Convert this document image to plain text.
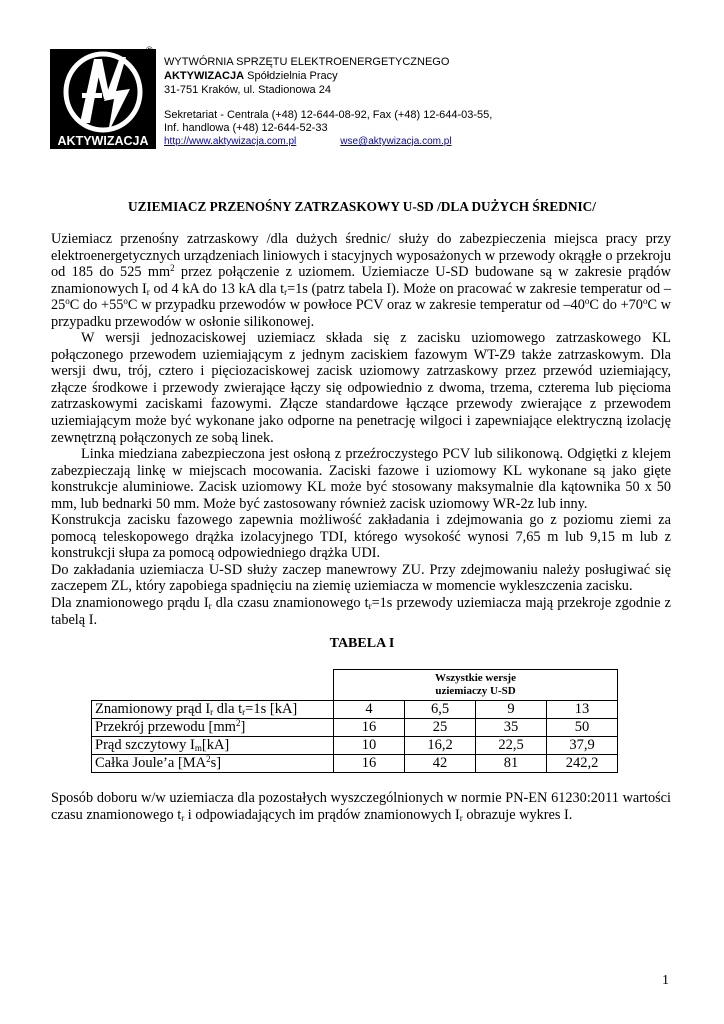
AKTYWIZACJA
®
WYTWÓRNIA SPRZĘTU ELEKTROENERGETYCZNEGO
AKTYWIZACJA Spółdzielnia Pracy
31-751 Kraków, ul. Stadionowa 24
Sekretariat - Centrala (+48) 12-644-08-92, Fax (+48) 12-644-03-55,
Inf. handlowa (+48) 12-644-52-33
http://www.aktywizacja.com.pl	wse@aktywizacja.com.pl
UZIEMIACZ PRZENOŚNY ZATRZASKOWY U-SD /DLA DUŻYCH ŚREDNIC/

Uziemiacz przenośny zatrzaskowy /dla dużych średnic/ służy do zabezpieczenia miejsca pracy przy elektroenergetycznych urządzeniach liniowych i stacyjnych wyposażonych w przewody okrągłe o przekroju od 185 do 525 $mm^2$ przez połączenie z uziomem. Uziemiacze U-SD budowane są w zakresie prądów znamionowych $I_r$ od 4 kA do 13 kA dla $t_r=1s$ (patrz tabela I). Może on pracować w zakresie temperatur od –25$^o$C do $+55^oC$ w przypadku przewodów w powłoce PCV oraz w zakresie temperatur od –40$^o$C do $+70^oC$ w przypadku przewodów w osłonie silikonowej.

W wersji jednozaciskowej uziemiacz składa się z zacisku uziomowego zatrzaskowego KL połączonego przewodem uziemiającym z jednym zaciskiem fazowym WT-Z9 także zatrzaskowym. Dla wersji dwu, trój, cztero i pięciozaciskowej zacisk uziomowy zatrzaskowy przez przewód uziemiający, złącze środkowe i przewody zwierające łączy się odpowiednio z dwoma, trzema, czterema lub pięcioma zatrzaskowymi zaciskami fazowymi. Złącze standardowe łączące przewody zwierające z przewodem uziemiającym może być wykonane jako odporne na penetrację wilgoci i zapewniające elektryczną izolację zewnętrzną połączonych ze sobą linek.

Linka miedziana zabezpieczona jest osłoną z przeźroczystego PCV lub silikonową. Odgiętki z klejem zabezpieczają linkę w miejscach mocowania. Zaciski fazowe i uziomowy KL wykonane są jako gięte konstrukcje aluminiowe. Zacisk uziomowy KL może być stosowany maksymalnie dla kątownika 50 x 50 mm, lub bednarki 50 mm. Może być zastosowany również zacisk uziomowy WR-2z lub inny.

Konstrukcja zacisku fazowego zapewnia możliwość zakładania i zdejmowania go z poziomu ziemi za pomocą teleskopowego drążka izolacyjnego TDI, którego wysokość wynosi 7,65 m lub 9,15 m lub z konstrukcji słupa za pomocą odpowiedniego drążka UDI.

Do zakładania uziemiacza U-SD służy zaczep manewrowy ZU. Przy zdejmowaniu należy posługiwać się zaczepem ZL, który zapobiega spadnięciu na ziemię uziemiacza w momencie wykleszczenia zacisku.

Dla znamionowego prądu $I_r$ dla czasu znamionowego $t_r=1s$ przewody uziemiacza mają przekroje zgodnie z tabelą I.

TABELA I
	Wszystkie wersje
uziemiaczy U-SD			
Znamionowy prąd $I_r$ dla $t_r=1s$ [kA]	4	6,5	9	13
Przekrój przewodu $[mm^2]$	16	25	35	50
Prąd szczytowy $I_m[kA]$	10	16,2	22,5	37,9
Całka Joule’a $[MA^2s]$	16	42	81	242,2

Sposób doboru w/w uziemiacza dla pozostałych wyszczególnionych w normie PN-EN 61230:2011 wartości czasu znamionowego $t_r$ i odpowiadających im prądów znamionowych $I_r$ obrazuje wykres I.

1
